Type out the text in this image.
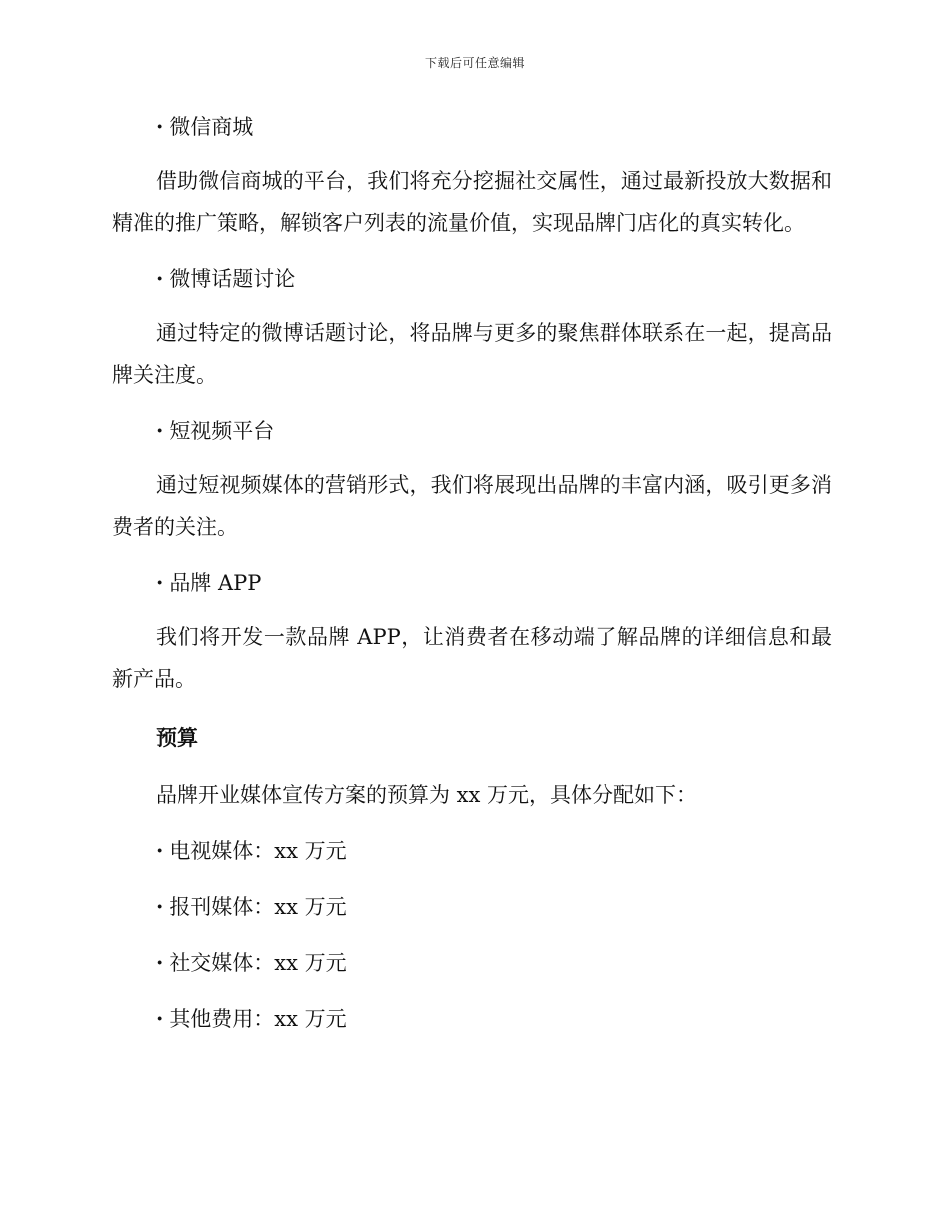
下载后可任意编辑

· 微信商城

借助微信商城的平台，我们将充分挖掘社交属性，通过最新投放大数据和精准的推广策略，解锁客户列表的流量价值，实现品牌门店化的真实转化。

· 微博话题讨论

通过特定的微博话题讨论，将品牌与更多的聚焦群体联系在一起，提高品牌关注度。

· 短视频平台

通过短视频媒体的营销形式，我们将展现出品牌的丰富内涵，吸引更多消费者的关注。

· 品牌 APP

我们将开发一款品牌 APP，让消费者在移动端了解品牌的详细信息和最新产品。

预算

品牌开业媒体宣传方案的预算为 xx 万元，具体分配如下：

· 电视媒体：xx 万元

· 报刊媒体：xx 万元

· 社交媒体：xx 万元

· 其他费用：xx 万元
